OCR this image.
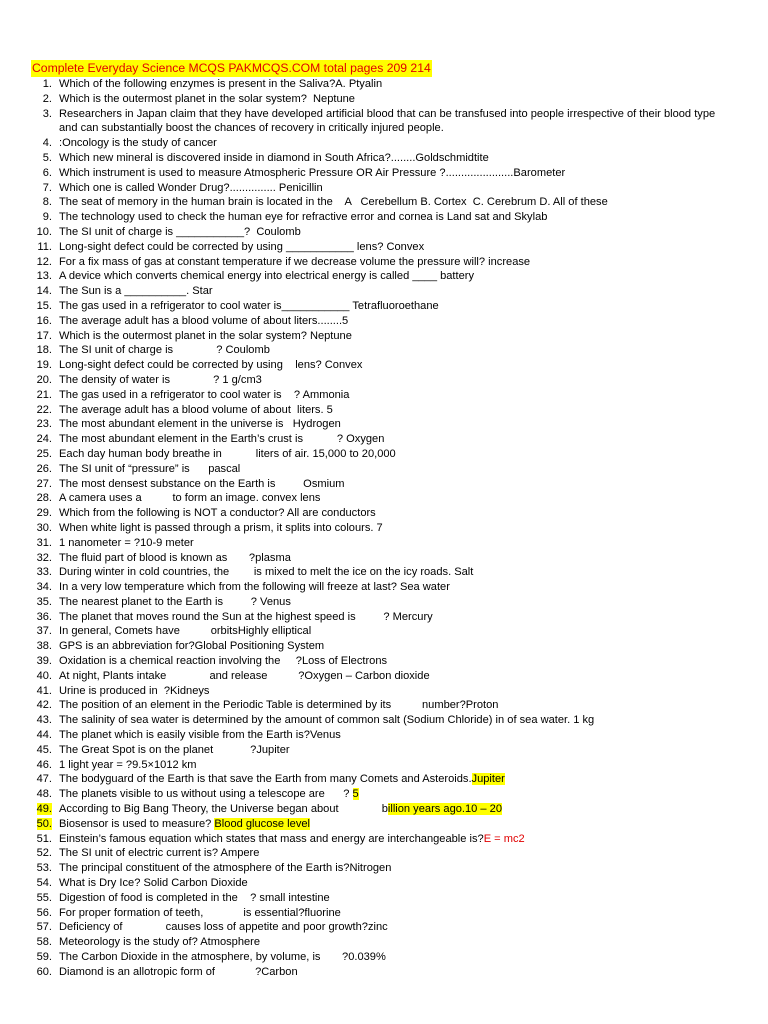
Complete Everyday Science MCQS PAKMCQS.COM total pages 209 214
1. Which of the following enzymes is present in the Saliva?A. Ptyalin
2. Which is the outermost planet in the solar system?  Neptune
3. Researchers in Japan claim that they have developed artificial blood that can be transfused into people irrespective of their blood type and can substantially boost the chances of recovery in critically injured people.
4. :Oncology is the study of cancer
5. Which new mineral is discovered inside in diamond in South Africa?........Goldschmidtite
6. Which instrument is used to measure Atmospheric Pressure OR Air Pressure ?......................Barometer
7. Which one is called Wonder Drug?............... Penicillin
8. The seat of memory in the human brain is located in the    A   Cerebellum B. Cortex  C. Cerebrum D. All of these
9. The technology used to check the human eye for refractive error and cornea is Land sat and Skylab
10. The SI unit of charge is ___________?  Coulomb
11. Long-sight defect could be corrected by using ___________ lens? Convex
12. For a fix mass of gas at constant temperature if we decrease volume the pressure will? increase
13. A device which converts chemical energy into electrical energy is called ____ battery
14. The Sun is a __________. Star
15. The gas used in a refrigerator to cool water is___________ Tetrafluoroethane
16. The average adult has a blood volume of about liters........5
17. Which is the outermost planet in the solar system? Neptune
18. The SI unit of charge is              ? Coulomb
19. Long-sight defect could be corrected by using    lens? Convex
20. The density of water is              ? 1 g/cm3
21. The gas used in a refrigerator to cool water is    ? Ammonia
22. The average adult has a blood volume of about  liters. 5
23. The most abundant element in the universe is   Hydrogen
24. The most abundant element in the Earth’s crust is           ? Oxygen
25. Each day human body breathe in           liters of air. 15,000 to 20,000
26. The SI unit of “pressure” is      pascal
27. The most densest substance on the Earth is         Osmium
28. A camera uses a          to form an image. convex lens
29. Which from the following is NOT a conductor? All are conductors
30. When white light is passed through a prism, it splits into colours. 7
31. 1 nanometer = ?10-9 meter
32. The fluid part of blood is known as       ?plasma
33. During winter in cold countries, the        is mixed to melt the ice on the icy roads. Salt
34. In a very low temperature which from the following will freeze at last? Sea water
35. The nearest planet to the Earth is         ? Venus
36. The planet that moves round the Sun at the highest speed is         ? Mercury
37. In general, Comets have          orbitsHighly elliptical
38. GPS is an abbreviation for?Global Positioning System
39. Oxidation is a chemical reaction involving the     ?Loss of Electrons
40. At night, Plants intake              and release          ?Oxygen – Carbon dioxide
41. Urine is produced in  ?Kidneys
42. The position of an element in the Periodic Table is determined by its          number?Proton
43. The salinity of sea water is determined by the amount of common salt (Sodium Chloride) in of sea water. 1 kg
44. The planet which is easily visible from the Earth is?Venus
45. The Great Spot is on the planet            ?Jupiter
46. 1 light year = ?9.5×1012 km
47. The bodyguard of the Earth is that save the Earth from many Comets and Asteroids.Jupiter
48. The planets visible to us without using a telescope are      ? 5
49. According to Big Bang Theory, the Universe began about              billion years ago.10 – 20
50. Biosensor is used to measure? Blood glucose level
51. Einstein’s famous equation which states that mass and energy are interchangeable is?E = mc2
52. The SI unit of electric current is? Ampere
53. The principal constituent of the atmosphere of the Earth is?Nitrogen
54. What is Dry Ice? Solid Carbon Dioxide
55. Digestion of food is completed in the    ? small intestine
56. For proper formation of teeth,             is essential?fluorine
57. Deficiency of              causes loss of appetite and poor growth?zinc
58. Meteorology is the study of? Atmosphere
59. The Carbon Dioxide in the atmosphere, by volume, is       ?0.039%
60. Diamond is an allotropic form of             ?Carbon
